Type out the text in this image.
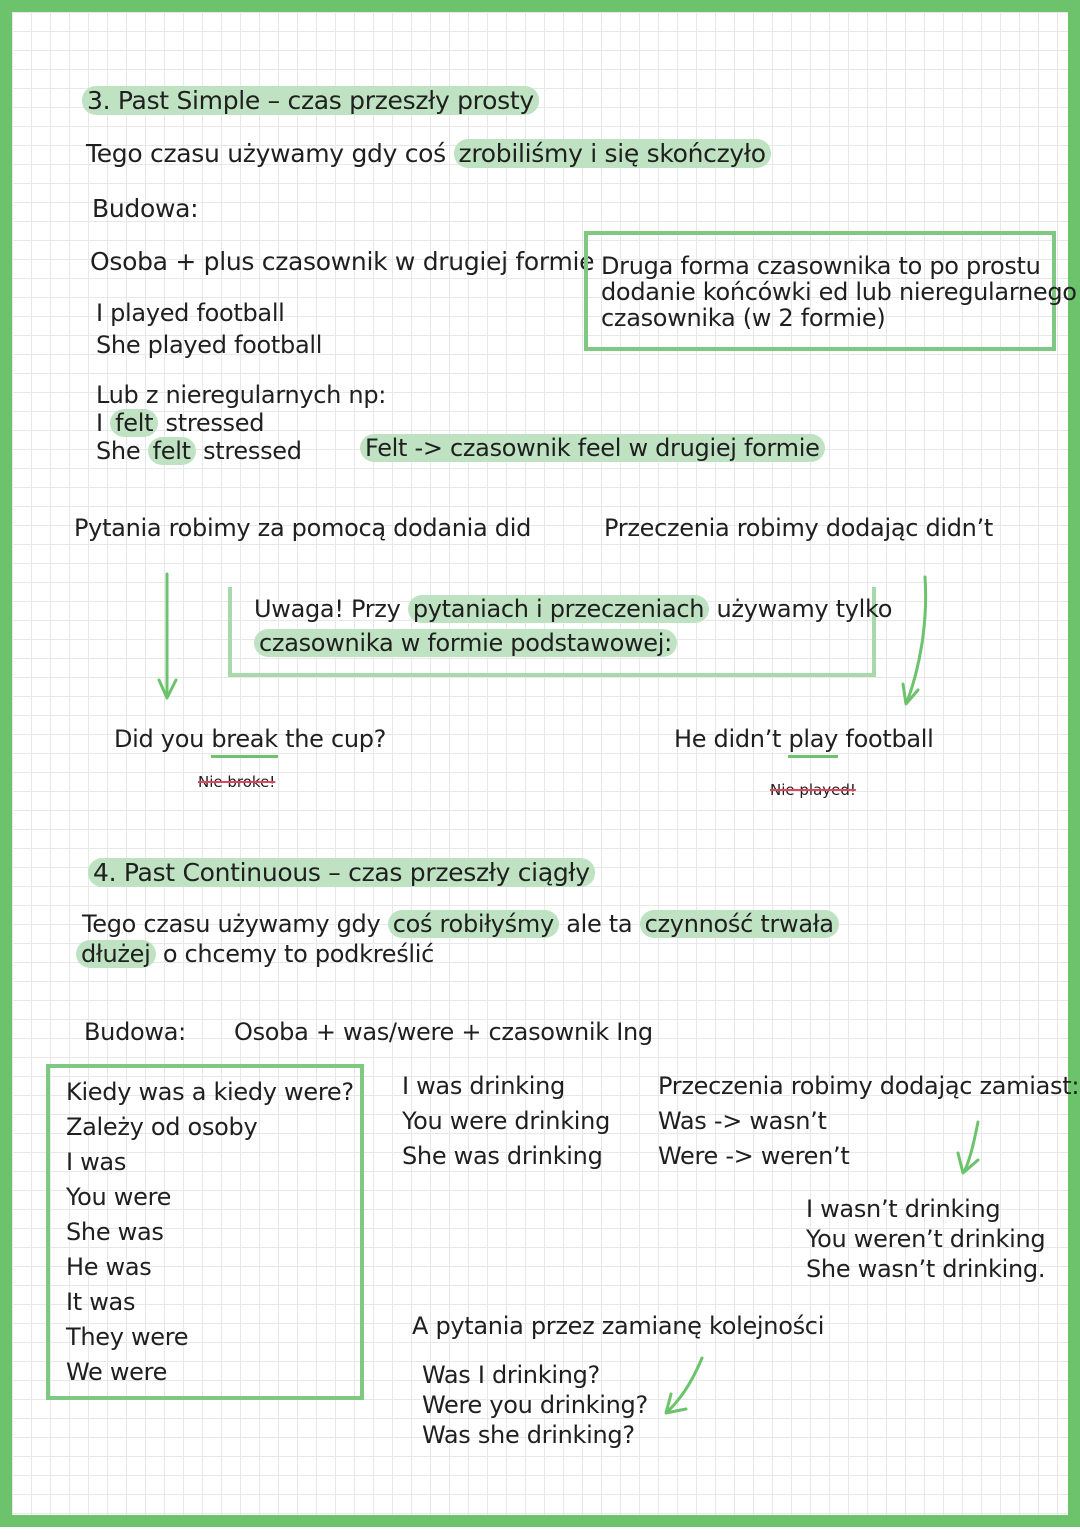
3. Past Simple – czas przeszły prosty
Tego czasu używamy gdy coś zrobiliśmy i się skończyło
Budowa:
Osoba + plus czasownik w drugiej formie
I played football
She played football
Druga forma czasownika to po prostu
dodanie końcówki ed lub nieregularnego
czasownika (w 2 formie)
Lub z nieregularnych np:
I felt stressed
She felt stressed	Felt -> czasownik feel w drugiej formie
Pytania robimy za pomocą dodania did	Przeczenia robimy dodając didn’t
Uwaga! Przy pytaniach i przeczeniach używamy tylko
czasownika w formie podstawowej:
Did you break the cup?
Nie broke!
He didn’t play football
Nie played!
4. Past Continuous – czas przeszły ciągły
Tego czasu używamy gdy coś robiłyśmy ale ta czynność trwała
dłużej o chcemy to podkreślić
Budowa: Osoba + was/were + czasownik Ing
Kiedy was a kiedy were?
Zależy od osoby
I was
You were
She was
He was
It was
They were
We were
I was drinking
You were drinking
She was drinking
Przeczenia robimy dodając zamiast:
Was -> wasn’t
Were -> weren’t
I wasn’t drinking
You weren’t drinking
She wasn’t drinking.
A pytania przez zamianę kolejności
Was I drinking?
Were you drinking?
Was she drinking?
